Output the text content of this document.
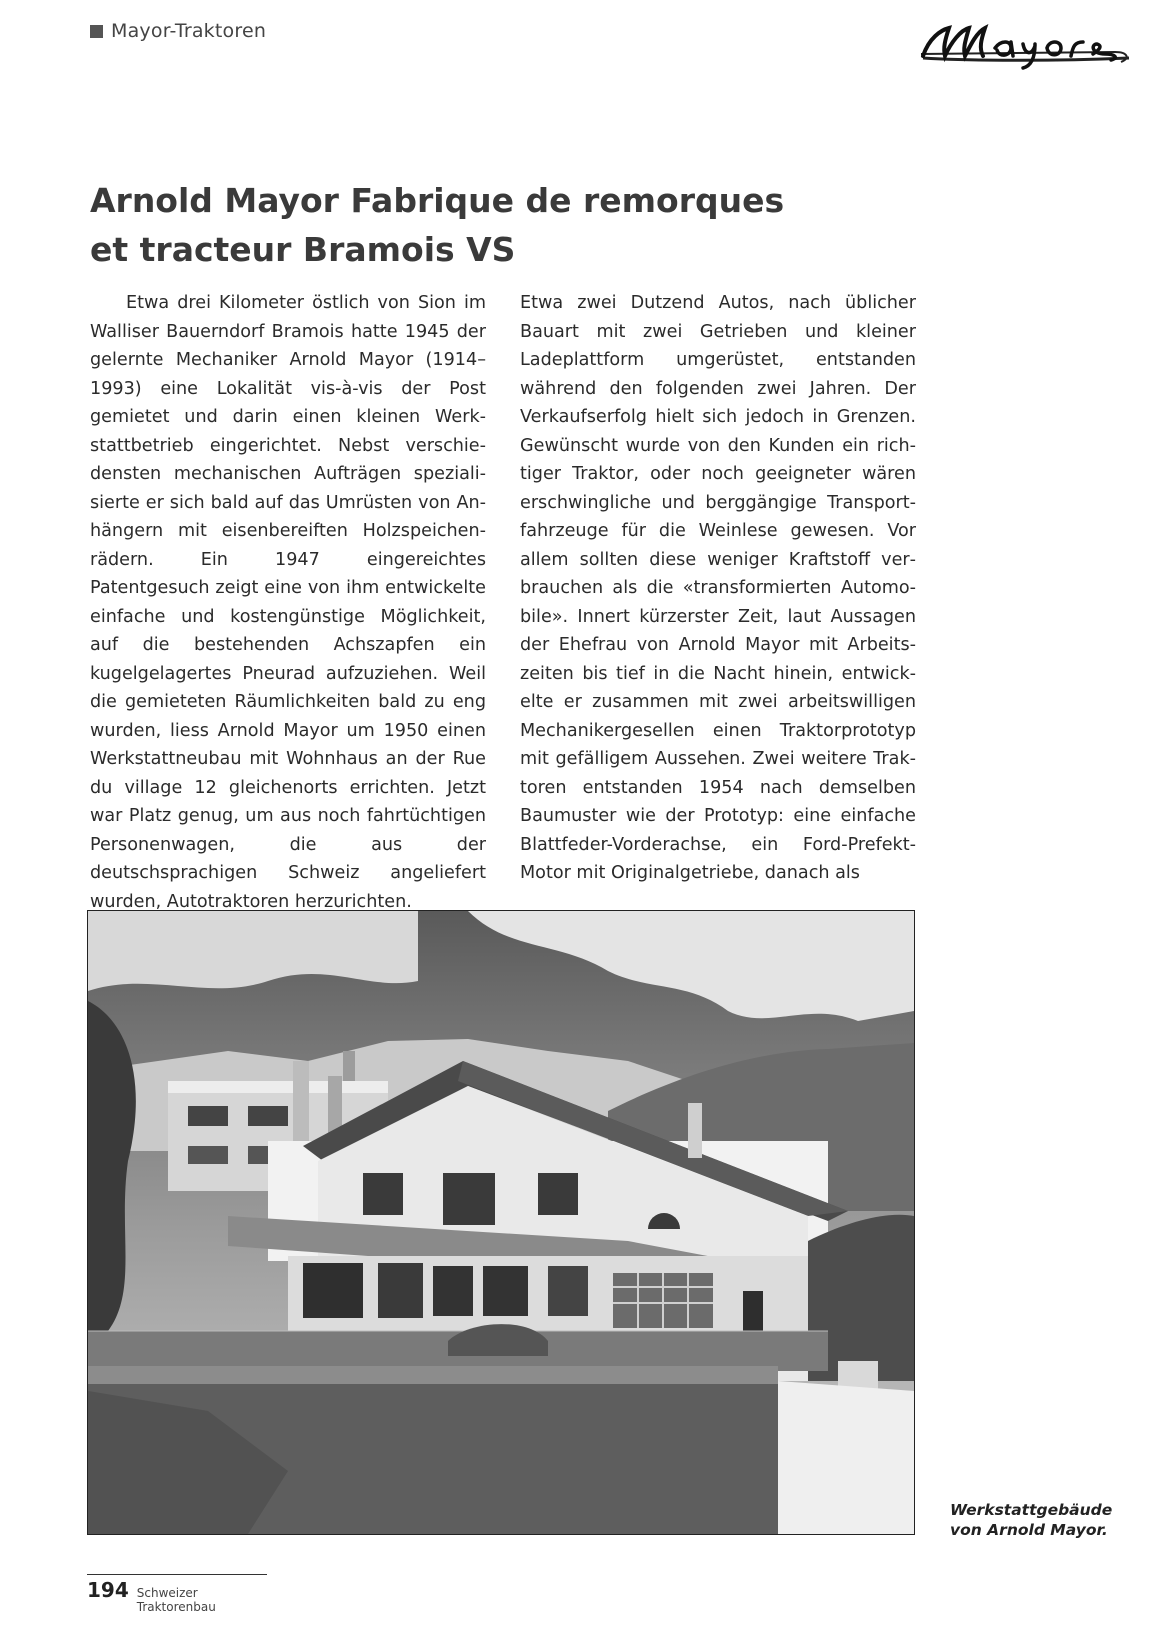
Mayor-Traktoren
Arnold Mayor Fabrique de remorques
et tracteur Bramois VS

Etwa drei Kilometer östlich von Sion im Walliser Bauerndorf Bramois hatte 1945 der gelernte Mechaniker Arnold Mayor (1914–1993) eine Lokalität vis-à-vis der Post gemietet und darin einen kleinen Werkstattbetrieb eingerichtet. Nebst verschiedensten mechanischen Aufträgen spezialisierte er sich bald auf das Umrüsten von Anhängern mit eisenbereiften Holzspeichenrädern. Ein 1947 eingereichtes Patentgesuch zeigt eine von ihm entwickelte einfache und kostengünstige Möglichkeit, auf die bestehenden Achszapfen ein kugelgelagertes Pneurad aufzuziehen. Weil die gemieteten Räumlichkeiten bald zu eng wurden, liess Arnold Mayor um 1950 einen Werkstattneubau mit Wohnhaus an der Rue du village 12 gleichenorts errichten. Jetzt war Platz genug, um aus noch fahrtüchtigen Personenwagen, die aus der deutschsprachigen Schweiz angeliefert wurden, Autotraktoren herzurichten.

Etwa zwei Dutzend Autos, nach üblicher Bauart mit zwei Getrieben und kleiner Ladeplattform umgerüstet, entstanden während den folgenden zwei Jahren. Der Verkaufserfolg hielt sich jedoch in Grenzen. Gewünscht wurde von den Kunden ein richtiger Traktor, oder noch geeigneter wären erschwingliche und berggängige Transportfahrzeuge für die Weinlese gewesen. Vor allem sollten diese weniger Kraftstoff verbrauchen als die «transformierten Automobile». Innert kürzerster Zeit, laut Aussagen der Ehefrau von Arnold Mayor mit Arbeitszeiten bis tief in die Nacht hinein, entwickelte er zusammen mit zwei arbeitswilligen Mechanikergesellen einen Traktorprototyp mit gefälligem Aussehen. Zwei weitere Traktoren entstanden 1954 nach demselben Baumuster wie der Prototyp: eine einfache Blattfeder-Vorderachse, ein Ford-Prefekt-Motor mit Originalgetriebe, danach als

Werkstattgebäude
von Arnold Mayor.

194 Schweizer Traktorenbau
